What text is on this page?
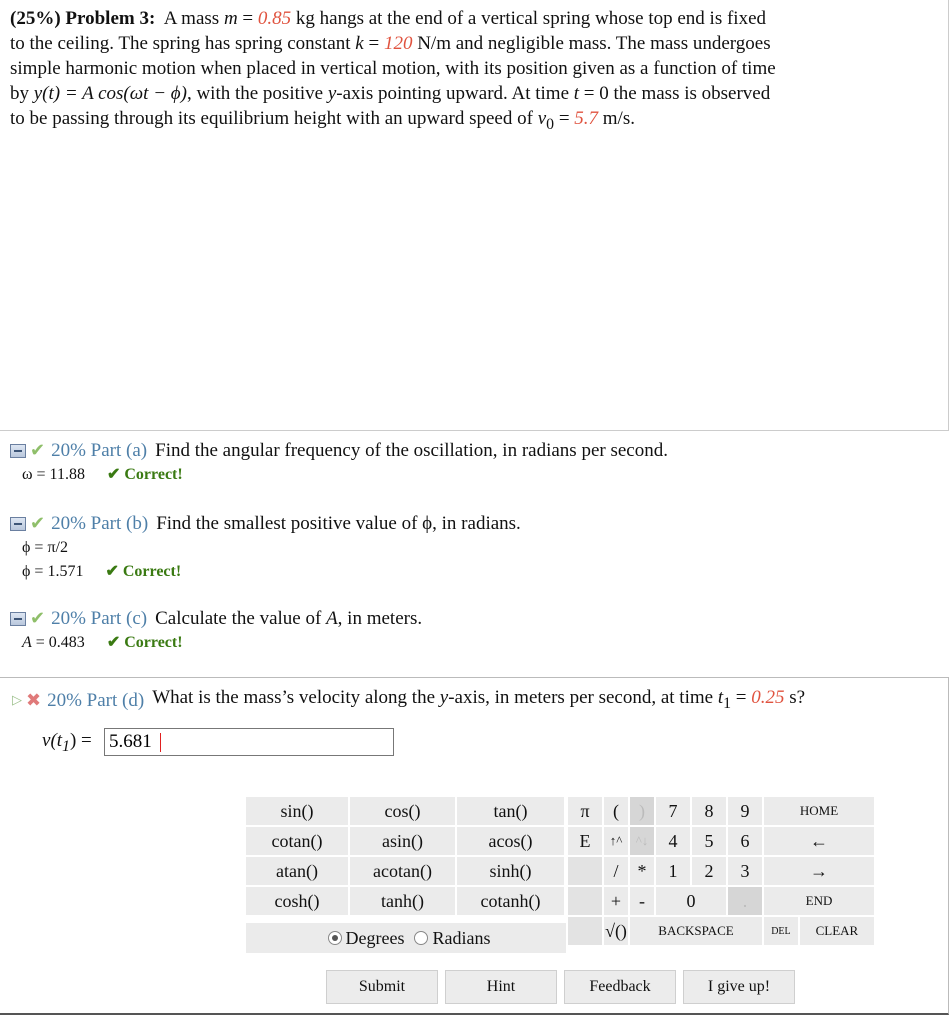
(25%) Problem 3: A mass m = 0.85 kg hangs at the end of a vertical spring whose top end is fixed to the ceiling. The spring has spring constant k = 120 N/m and negligible mass. The mass undergoes simple harmonic motion when placed in vertical motion, with its position given as a function of time by y(t) = A cos(ωt − ϕ), with the positive y-axis pointing upward. At time t = 0 the mass is observed to be passing through its equilibrium height with an upward speed of $v_0 = 5.7$ m/s.
✔ 20% Part (a) Find the angular frequency of the oscillation, in radians per second.
ω = 11.88 ✔ Correct!
✔ 20% Part (b) Find the smallest positive value of ϕ, in radians.
ϕ = π/2
ϕ = 1.571 ✔ Correct!
✔ 20% Part (c) Calculate the value of A, in meters.
A = 0.483 ✔ Correct!
▷ ✖ 20% Part (d) What is the mass’s velocity along the y-axis, in meters per second, at time $t_1 = 0.25$ s?
$v(t_1)$ =
5.681
sin()	cos()	tan()
cotan()	asin()	acos()
atan()	acotan()	sinh()
cosh()	tanh()	cotanh()
Degrees Radians
π	(	)	7	8	9	HOME	
E	↑^	^↓	4	5	6	←	
	/	*	1	2	3	→	
	+	-	0		.	END	
	√()	BACKSPACE				DEL	CLEAR
Submit	Hint	Feedback	I give up!
